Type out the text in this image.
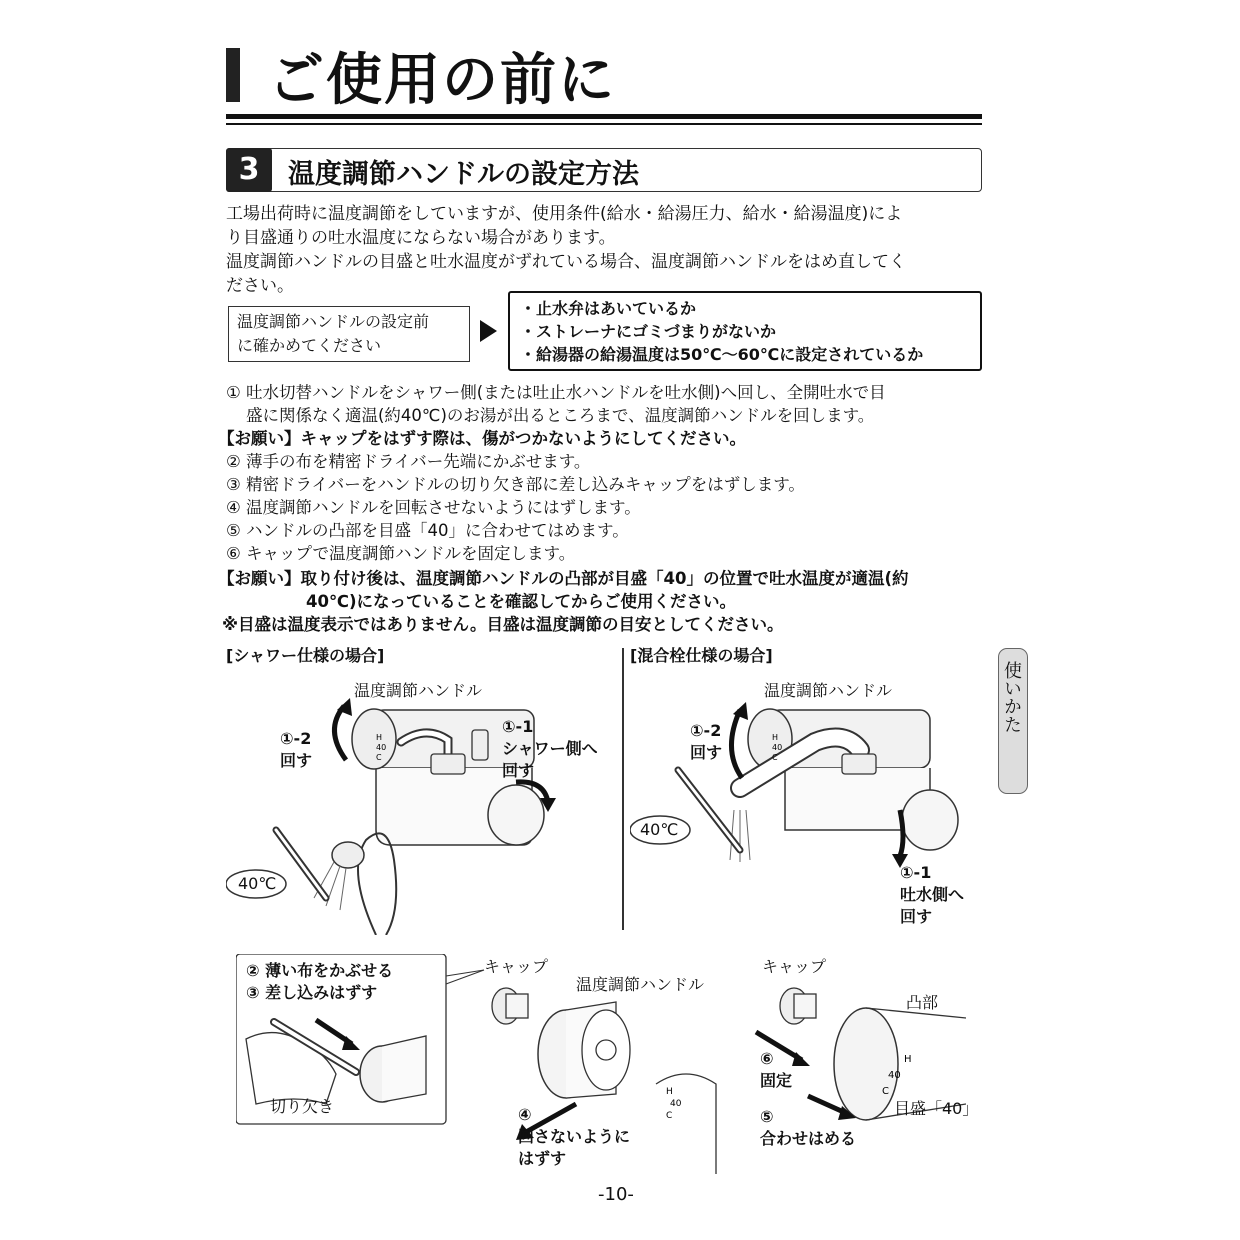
ご使用の前に
3	温度調節ハンドルの設定方法

工場出荷時に温度調節をしていますが、使用条件(給水・給湯圧力、給水・給湯温度)によ

り目盛通りの吐水温度にならない場合があります。

温度調節ハンドルの目盛と吐水温度がずれている場合、温度調節ハンドルをはめ直してく

ださい。

温度調節ハンドルの設定前
に確かめてください
・止水弁はあいているか
・ストレーナにゴミづまりがないか
・給湯器の給湯温度は50℃〜60℃に設定されているか
① 吐水切替ハンドルをシャワー側(または吐止水ハンドルを吐水側)へ回し、全開吐水で目
盛に関係なく適温(約40℃)のお湯が出るところまで、温度調節ハンドルを回します。
【お願い】キャップをはずす際は、傷がつかないようにしてください。
② 薄手の布を精密ドライバー先端にかぶせます。
③ 精密ドライバーをハンドルの切り欠き部に差し込みキャップをはずします。
④ 温度調節ハンドルを回転させないようにはずします。
⑤ ハンドルの凸部を目盛「40」に合わせてはめます。
⑥ キャップで温度調節ハンドルを固定します。
【お願い】取り付け後は、温度調節ハンドルの凸部が目盛「40」の位置で吐水温度が適温(約
40℃)になっていることを確認してからご使用ください。
※目盛は温度表示ではありません。目盛は温度調節の目安としてください。
使いかた
[シャワー仕様の場合]	[混合栓仕様の場合]
H
40
C
温度調節ハンドル
①-2
回す
①-1
シャワー側へ
回す
40℃
H
40
C
温度調節ハンドル
①-2
回す
40℃
①-1
吐水側へ
回す
H
40
C
H
40
C
② 薄い布をかぶせる
③ 差し込みはずす
切り欠き
キャップ
温度調節ハンドル
④
回さないように
はずす
キャップ
凸部
⑥
固定
⑤
合わせはめる
目盛「40」
-10-
